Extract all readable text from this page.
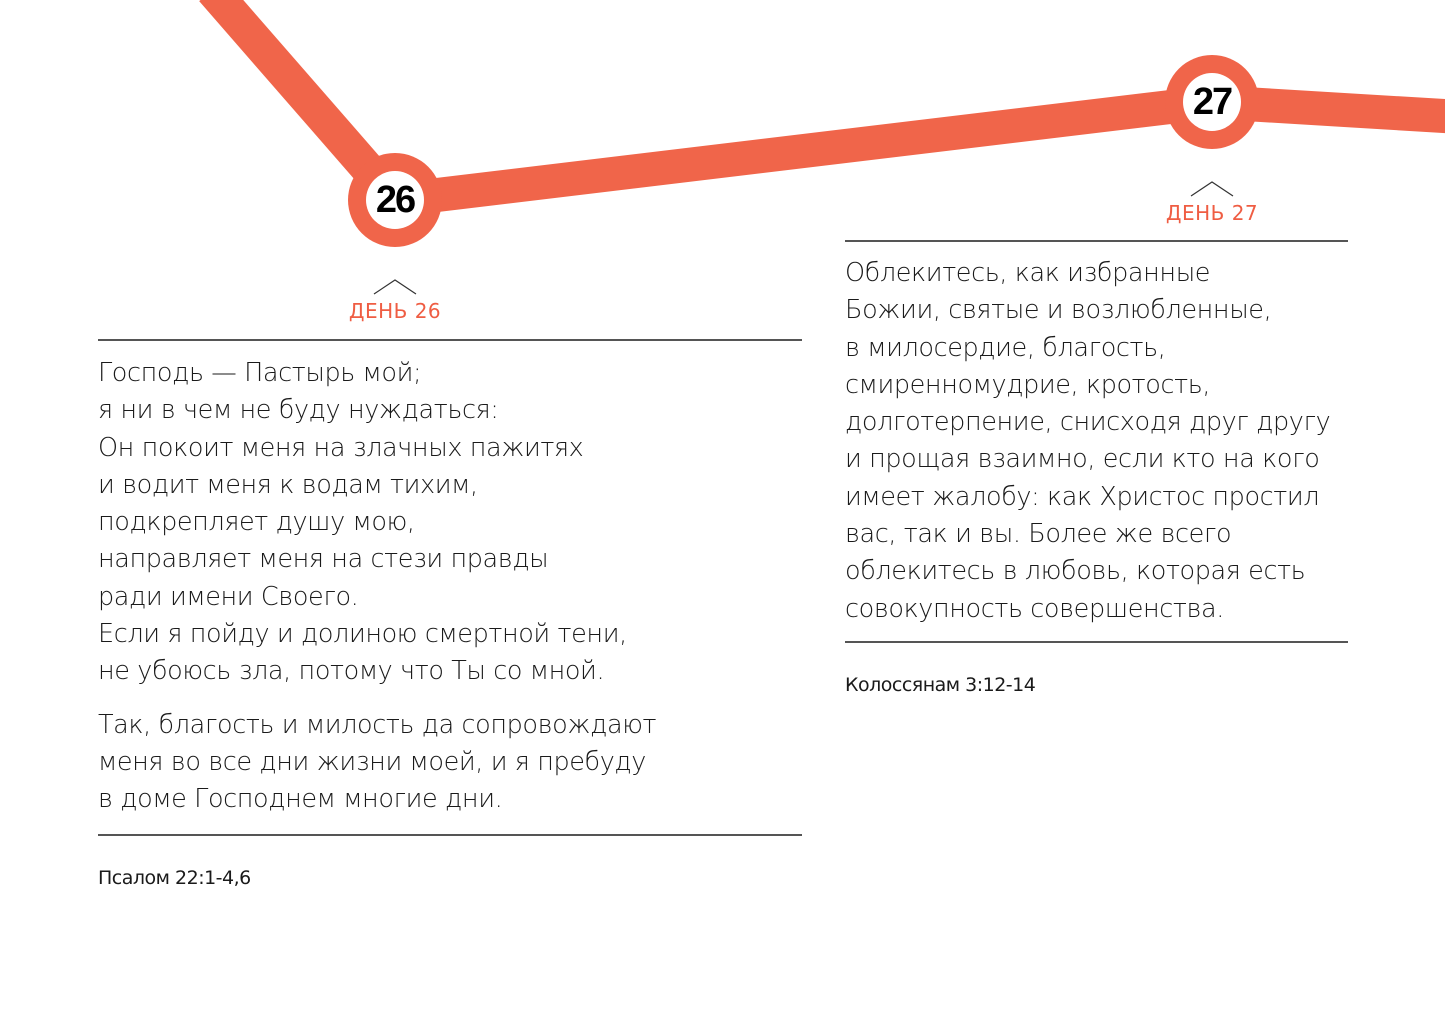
26
27
ДЕНЬ 26

Господь — Пастырь мой;
я ни в чем не буду нуждаться:
Он покоит меня на злачных пажитях
и водит меня к водам тихим,
подкрепляет душу мою,
направляет меня на стези правды
ради имени Своего.
Если я пойду и долиною смертной тени,
не убоюсь зла, потому что Ты со мной.

Так, благость и милость да сопровождают
меня во все дни жизни моей, и я пребуду
в доме Господнем многие дни.

Псалом 22:1-4,6
ДЕНЬ 27

Облекитесь, как избранные
Божии, святые и возлюбленные,
в милосердие, благость,
смиренномудрие, кротость,
долготерпение, снисходя друг другу
и прощая взаимно, если кто на кого
имеет жалобу: как Христос простил
вас, так и вы. Более же всего
облекитесь в любовь, которая есть
совокупность совершенства.

Колоссянам 3:12-14
